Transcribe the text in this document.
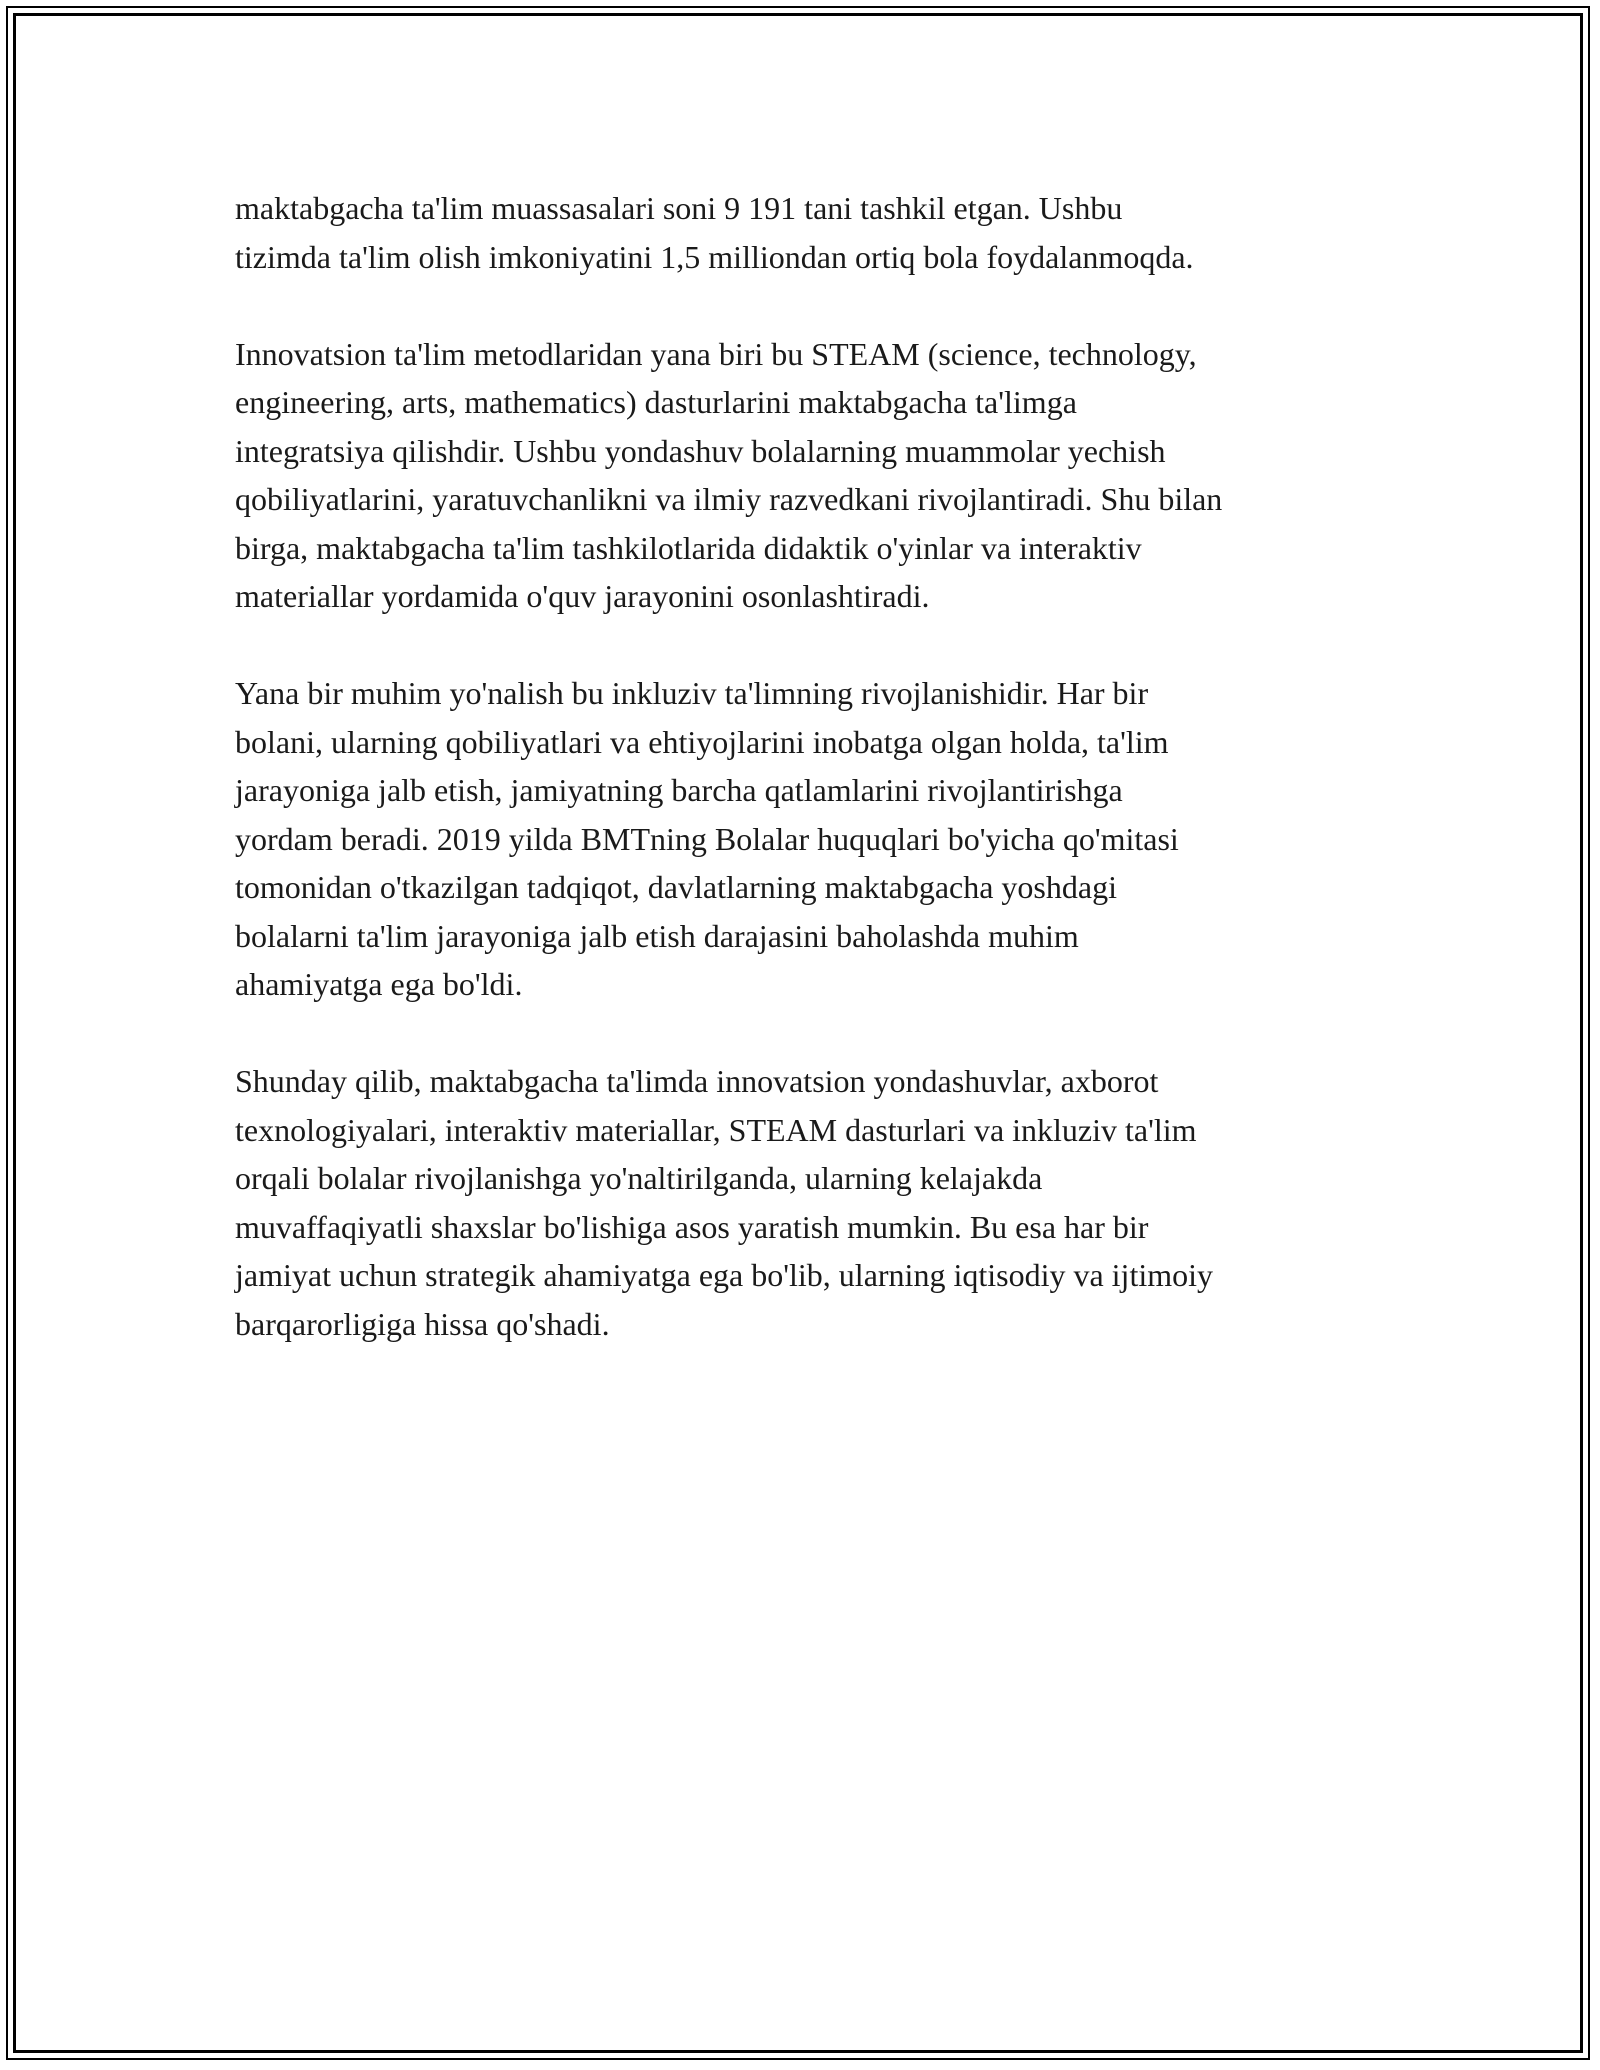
maktabgacha ta'lim muassasalari soni 9 191 tani tashkil etgan. Ushbu
tizimda ta'lim olish imkoniyatini 1,5 milliondan ortiq bola foydalanmoqda.

Innovatsion ta'lim metodlaridan yana biri bu STEAM (science, technology,
engineering, arts, mathematics) dasturlarini maktabgacha ta'limga
integratsiya qilishdir. Ushbu yondashuv bolalarning muammolar yechish
qobiliyatlarini, yaratuvchanlikni va ilmiy razvedkani rivojlantiradi. Shu bilan
birga, maktabgacha ta'lim tashkilotlarida didaktik o'yinlar va interaktiv
materiallar yordamida o'quv jarayonini osonlashtiradi.

Yana bir muhim yo'nalish bu inkluziv ta'limning rivojlanishidir. Har bir
bolani, ularning qobiliyatlari va ehtiyojlarini inobatga olgan holda, ta'lim
jarayoniga jalb etish, jamiyatning barcha qatlamlarini rivojlantirishga
yordam beradi. 2019 yilda BMTning Bolalar huquqlari bo'yicha qo'mitasi
tomonidan o'tkazilgan tadqiqot, davlatlarning maktabgacha yoshdagi
bolalarni ta'lim jarayoniga jalb etish darajasini baholashda muhim
ahamiyatga ega bo'ldi.

Shunday qilib, maktabgacha ta'limda innovatsion yondashuvlar, axborot
texnologiyalari, interaktiv materiallar, STEAM dasturlari va inkluziv ta'lim
orqali bolalar rivojlanishga yo'naltirilganda, ularning kelajakda
muvaffaqiyatli shaxslar bo'lishiga asos yaratish mumkin. Bu esa har bir
jamiyat uchun strategik ahamiyatga ega bo'lib, ularning iqtisodiy va ijtimoiy
barqarorligiga hissa qo'shadi.
